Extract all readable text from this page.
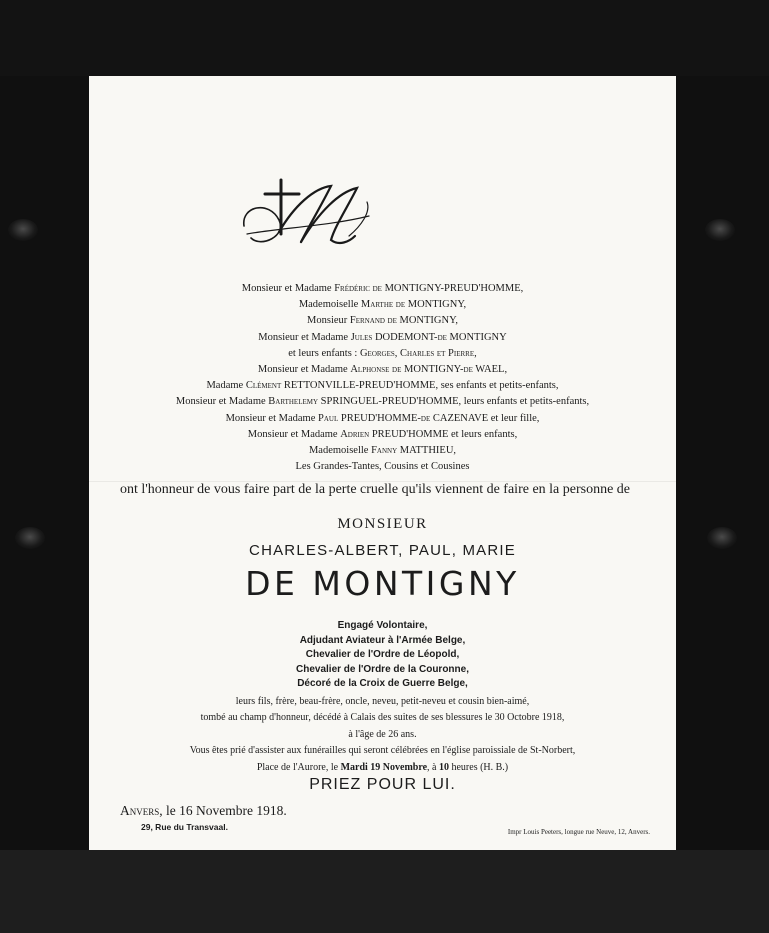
Monsieur et Madame Frédéric de MONTIGNY-PREUD'HOMME,
Mademoiselle Marthe de MONTIGNY,
Monsieur Fernand de MONTIGNY,
Monsieur et Madame Jules DODEMONT-de MONTIGNY
et leurs enfants : Georges, Charles et Pierre,
Monsieur et Madame Alphonse de MONTIGNY-de WAEL,
Madame Clément RETTONVILLE-PREUD'HOMME, ses enfants et petits-enfants,
Monsieur et Madame Barthelemy SPRINGUEL-PREUD'HOMME, leurs enfants et petits-enfants,
Monsieur et Madame Paul PREUD'HOMME-de CAZENAVE et leur fille,
Monsieur et Madame Adrien PREUD'HOMME et leurs enfants,
Mademoiselle Fanny MATTHIEU,
Les Grandes-Tantes, Cousins et Cousines
ont l'honneur de vous faire part de la perte cruelle qu'ils viennent de faire en la personne de
MONSIEUR
CHARLES-ALBERT, PAUL, MARIE
DE MONTIGNY
Engagé Volontaire,
Adjudant Aviateur à l'Armée Belge,
Chevalier de l'Ordre de Léopold,
Chevalier de l'Ordre de la Couronne,
Décoré de la Croix de Guerre Belge,
leurs fils, frère, beau-frère, oncle, neveu, petit-neveu et cousin bien-aimé,
tombé au champ d'honneur, décédé à Calais des suites de ses blessures le 30 Octobre 1918,
à l'âge de 26 ans.
Vous êtes prié d'assister aux funérailles qui seront célébrées en l'église paroissiale de St-Norbert,
Place de l'Aurore, le Mardi 19 Novembre, à 10 heures (H. B.)
PRIEZ POUR LUI.
Anvers, le 16 Novembre 1918.
29, Rue du Transvaal.	Impr Louis Peeters, longue rue Neuve, 12, Anvers.
